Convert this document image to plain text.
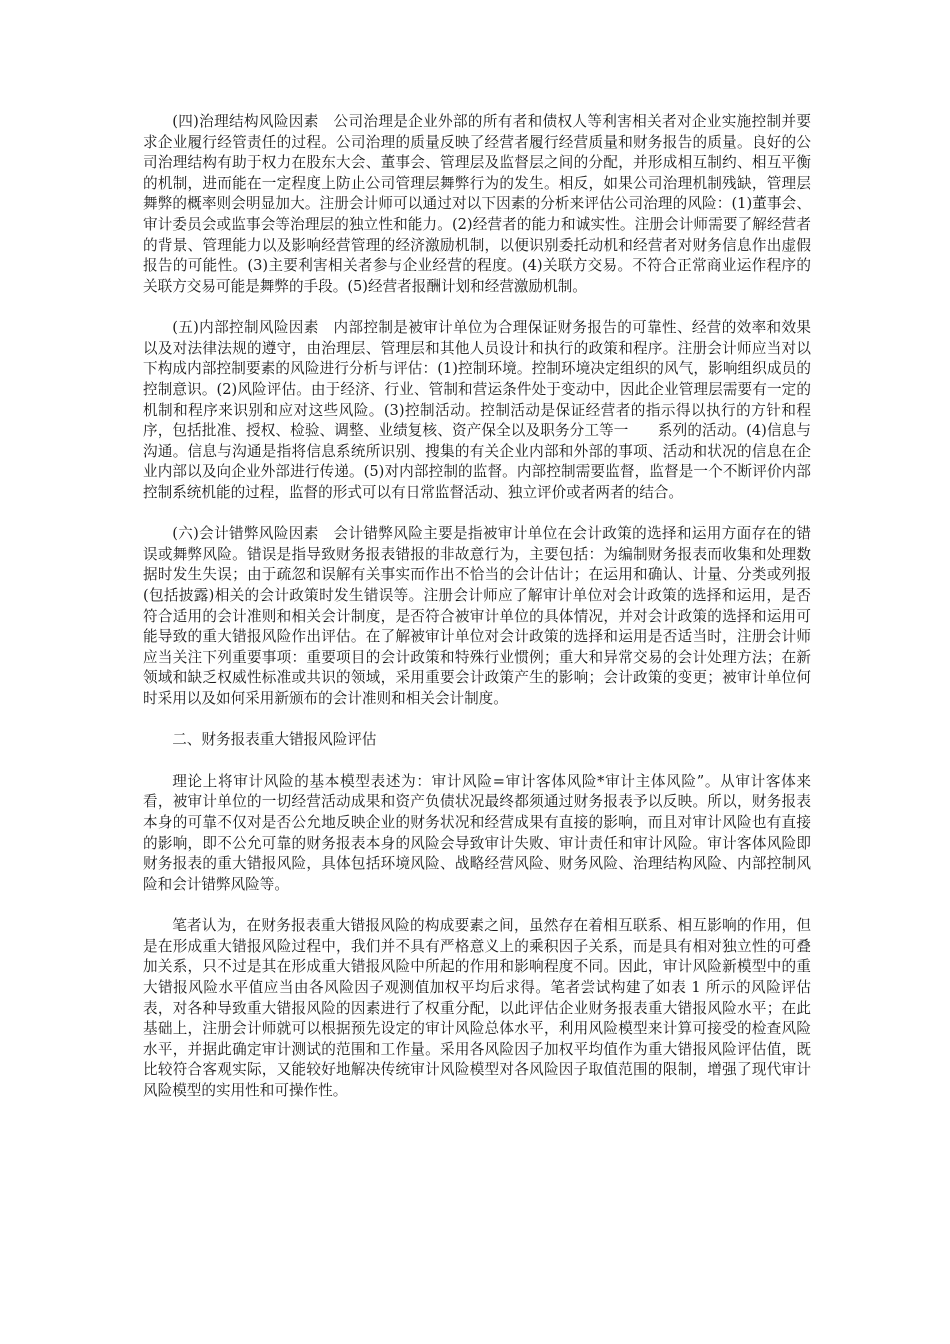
(四)治理结构风险因素　公司治理是企业外部的所有者和债权人等利害相关者对企业实施控制并要求企业履行经管责任的过程。公司治理的质量反映了经营者履行经营质量和财务报告的质量。良好的公司治理结构有助于权力在股东大会、董事会、管理层及监督层之间的分配，并形成相互制约、相互平衡的机制，进而能在一定程度上防止公司管理层舞弊行为的发生。相反，如果公司治理机制残缺，管理层舞弊的概率则会明显加大。注册会计师可以通过对以下因素的分析来评估公司治理的风险：(1)董事会、审计委员会或监事会等治理层的独立性和能力。(2)经营者的能力和诚实性。注册会计师需要了解经营者的背景、管理能力以及影响经营管理的经济激励机制，以便识别委托动机和经营者对财务信息作出虚假报告的可能性。(3)主要利害相关者参与企业经营的程度。(4)关联方交易。不符合正常商业运作程序的关联方交易可能是舞弊的手段。(5)经营者报酬计划和经营激励机制。

(五)内部控制风险因素　内部控制是被审计单位为合理保证财务报告的可靠性、经营的效率和效果以及对法律法规的遵守，由治理层、管理层和其他人员设计和执行的政策和程序。注册会计师应当对以下构成内部控制要素的风险进行分析与评估：(1)控制环境。控制环境决定组织的风气，影响组织成员的控制意识。(2)风险评估。由于经济、行业、管制和营运条件处于变动中，因此企业管理层需要有一定的机制和程序来识别和应对这些风险。(3)控制活动。控制活动是保证经营者的指示得以执行的方针和程序，包括批准、授权、检验、调整、业绩复核、资产保全以及职务分工等一　　系列的活动。(4)信息与沟通。信息与沟通是指将信息系统所识别、搜集的有关企业内部和外部的事项、活动和状况的信息在企业内部以及向企业外部进行传递。(5)对内部控制的监督。内部控制需要监督，监督是一个不断评价内部控制系统机能的过程，监督的形式可以有日常监督活动、独立评价或者两者的结合。

(六)会计错弊风险因素　会计错弊风险主要是指被审计单位在会计政策的选择和运用方面存在的错误或舞弊风险。错误是指导致财务报表错报的非故意行为，主要包括：为编制财务报表而收集和处理数据时发生失误；由于疏忽和误解有关事实而作出不恰当的会计估计；在运用和确认、计量、分类或列报(包括披露)相关的会计政策时发生错误等。注册会计师应了解审计单位对会计政策的选择和运用，是否符合适用的会计准则和相关会计制度，是否符合被审计单位的具体情况，并对会计政策的选择和运用可能导致的重大错报风险作出评估。在了解被审计单位对会计政策的选择和运用是否适当时，注册会计师应当关注下列重要事项：重要项目的会计政策和特殊行业惯例；重大和异常交易的会计处理方法；在新领域和缺乏权威性标准或共识的领域，采用重要会计政策产生的影响；会计政策的变更；被审计单位何时采用以及如何采用新颁布的会计准则和相关会计制度。

二、财务报表重大错报风险评估

理论上将审计风险的基本模型表述为：审计风险=审计客体风险*审计主体风险”。从审计客体来看，被审计单位的一切经营活动成果和资产负债状况最终都须通过财务报表予以反映。所以，财务报表本身的可靠不仅对是否公允地反映企业的财务状况和经营成果有直接的影响，而且对审计风险也有直接的影响，即不公允可靠的财务报表本身的风险会导致审计失败、审计责任和审计风险。审计客体风险即财务报表的重大错报风险，具体包括环境风险、战略经营风险、财务风险、治理结构风险、内部控制风险和会计错弊风险等。

笔者认为，在财务报表重大错报风险的构成要素之间，虽然存在着相互联系、相互影响的作用，但是在形成重大错报风险过程中，我们并不具有严格意义上的乘积因子关系，而是具有相对独立性的可叠加关系，只不过是其在形成重大错报风险中所起的作用和影响程度不同。因此，审计风险新模型中的重大错报风险水平值应当由各风险因子观测值加权平均后求得。笔者尝试构建了如表 1 所示的风险评估表，对各种导致重大错报风险的因素进行了权重分配，以此评估企业财务报表重大错报风险水平；在此基础上，注册会计师就可以根据预先设定的审计风险总体水平，利用风险模型来计算可接受的检查风险水平，并据此确定审计测试的范围和工作量。采用各风险因子加权平均值作为重大错报风险评估值，既比较符合客观实际，又能较好地解决传统审计风险模型对各风险因子取值范围的限制，增强了现代审计风险模型的实用性和可操作性。
